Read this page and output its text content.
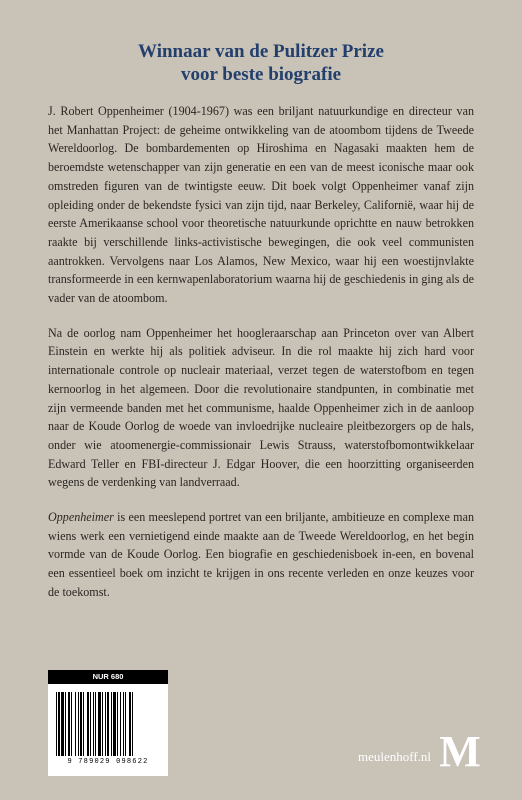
Winnaar van de Pulitzer Prize
voor beste biografie

J. Robert Oppenheimer (1904-1967) was een briljant natuurkundige en directeur van het Manhattan Project: de geheime ontwikkeling van de atoombom tijdens de Tweede Wereldoorlog. De bombardementen op Hiroshima en Nagasaki maakten hem de beroemdste wetenschapper van zijn generatie en een van de meest iconische maar ook omstreden figuren van de twintigste eeuw. Dit boek volgt Oppenheimer vanaf zijn opleiding onder de bekendste fysici van zijn tijd, naar Berkeley, Californië, waar hij de eerste Amerikaanse school voor theoretische natuurkunde oprichtte en nauw betrokken raakte bij verschillende links-activistische bewegingen, die ook veel communisten aantrokken. Vervolgens naar Los Alamos, New Mexico, waar hij een woestijnvlakte transformeerde in een kernwapenlaboratorium waarna hij de geschiedenis in ging als de vader van de atoombom.

Na de oorlog nam Oppenheimer het hoogleraarschap aan Princeton over van Albert Einstein en werkte hij als politiek adviseur. In die rol maakte hij zich hard voor internationale controle op nucleair materiaal, verzet tegen de waterstofbom en tegen kernoorlog in het algemeen. Door die revolutionaire standpunten, in combinatie met zijn vermeende banden met het communisme, haalde Oppenheimer zich in de aanloop naar de Koude Oorlog de woede van invloedrijke nucleaire pleitbezorgers op de hals, onder wie atoomenergie-commissionair Lewis Strauss, waterstofbomontwikkelaar Edward Teller en FBI-directeur J. Edgar Hoover, die een hoorzitting organiseerden wegens de verdenking van landverraad.

Oppenheimer is een meeslepend portret van een briljante, ambitieuze en complexe man wiens werk een vernietigend einde maakte aan de Tweede Wereldoorlog, en het begin vormde van de Koude Oorlog. Een biografie en geschiedenisboek in-een, en bovenal een essentieel boek om inzicht te krijgen in ons recente verleden en onze keuzes voor de toekomst.

NUR 680
9 789029 098622	meulenhoff.nl M
